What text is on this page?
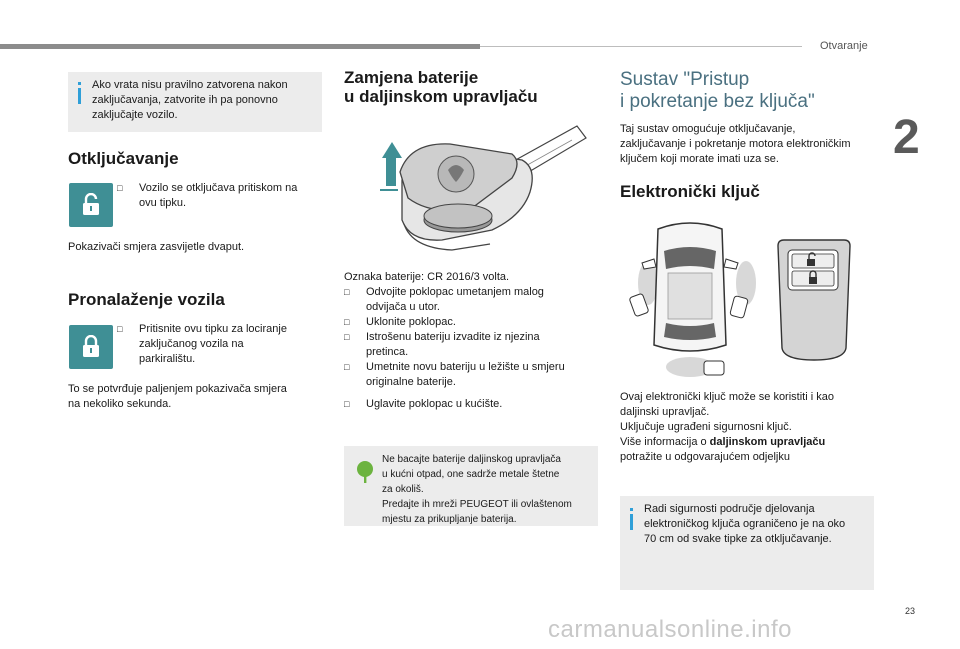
Otvaranje
2
Ako vrata nisu pravilno zatvorena nakon
zaključavanja, zatvorite ih pa ponovno
zaključajte vozilo.
Otključavanje
□	Vozilo se otključava pritiskom na
ovu tipku.
Pokazivači smjera zasvijetle dvaput.
Pronalaženje vozila
□	Pritisnite ovu tipku za lociranje
zaključanog vozila na
parkiralištu.
To se potvrđuje paljenjem pokazivača smjera
na nekoliko sekunda.
Zamjena baterije
u daljinskom upravljaču
Oznaka baterije: CR 2016/3 volta.
□	Odvojite poklopac umetanjem malog
odvijača u utor.
□	Uklonite poklopac.
□	Istrošenu bateriju izvadite iz njezina
pretinca.
□	Umetnite novu bateriju u ležište u smjeru
originalne baterije.
□	Uglavite poklopac u kućište.
Ne bacajte baterije daljinskog upravljača
u kućni otpad, one sadrže metale štetne
za okoliš.
Predajte ih mreži PEUGEOT ili ovlaštenom
mjestu za prikupljanje baterija.
Sustav "Pristup
i pokretanje bez ključa"
Taj sustav omogućuje otključavanje,
zaključavanje i pokretanje motora elektroničkim
ključem koji morate imati uza se.
Elektronički ključ
Ovaj elektronički ključ može se koristiti i kao
daljinski upravljač.
Uključuje ugrađeni sigurnosni ključ.
Više informacija o daljinskom upravljaču
potražite u odgovarajućem odjeljku
Radi sigurnosti područje djelovanja
elektroničkog ključa ograničeno je na oko
70 cm od svake tipke za otključavanje.
23
carmanualsonline.info
